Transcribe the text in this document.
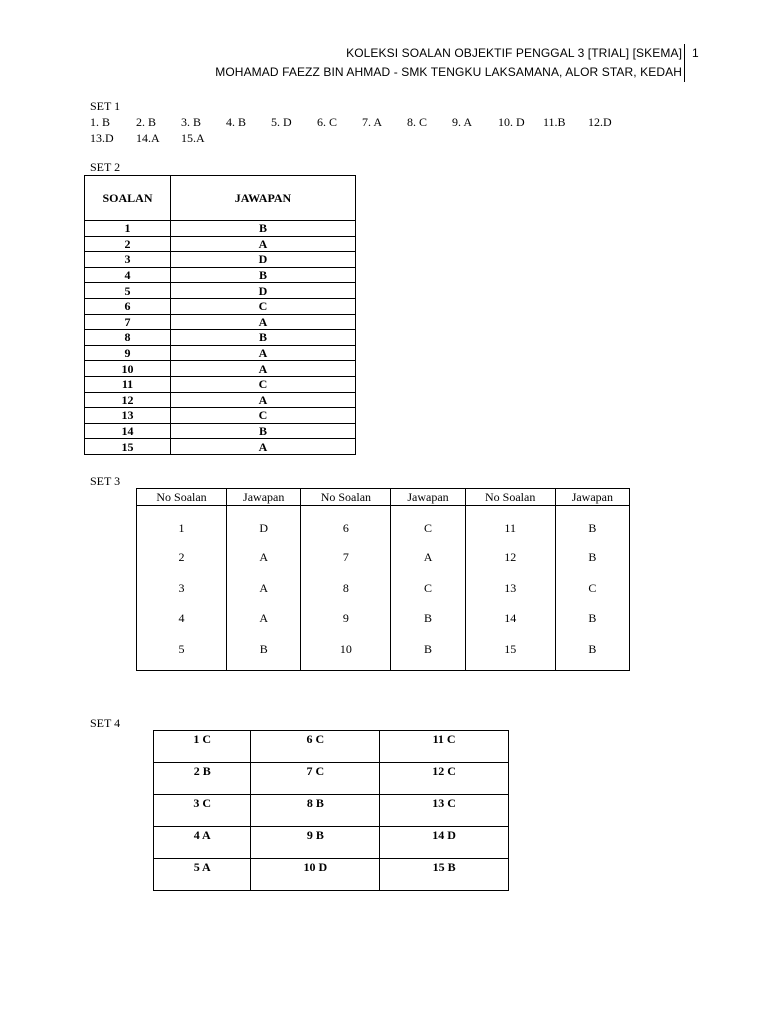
KOLEKSI SOALAN OBJEKTIF PENGGAL 3 [TRIAL] [SKEMA]
MOHAMAD FAEZZ BIN AHMAD - SMK TENGKU LAKSAMANA, ALOR STAR, KEDAH
1
SET 1
1. B 2. B 3. B 4. B 5. D 6. C 7. A 8. C 9. A 10. D 11.B 12.D
13.D 14.A 15.A
SET 2
SOALAN	JAWAPAN
1	B
2	A
3	D
4	B
5	D
6	C
7	A
8	B
9	A
10	A
11	C
12	A
13	C
14	B
15	A
SET 3
No Soalan	Jawapan	No Soalan	Jawapan	No Soalan	Jawapan
1	D	6	C	11	B
2	A	7	A	12	B
3	A	8	C	13	C
4	A	9	B	14	B
5	B	10	B	15	B
SET 4
1 C	6 C	11 C
2 B	7 C	12 C
3 C	8 B	13 C
4 A	9 B	14 D
5 A	10 D	15 B
